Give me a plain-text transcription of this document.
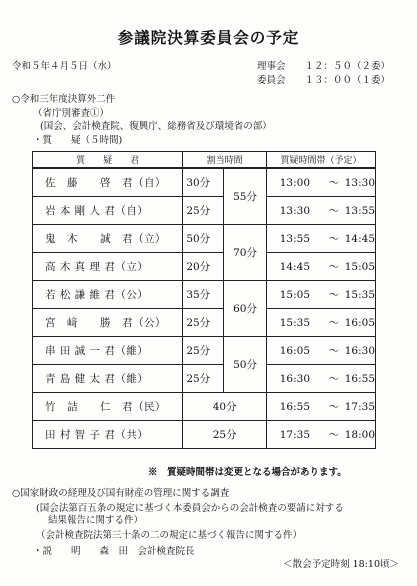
参議院決算委員会の予定
令和５年４月５日（水）	理事会　　１２：５０（２委）
委員会　　１３：００（１委）
○令和三年度決算外二件
（省庁別審査①）
(国会、会計検査院、復興庁、総務省及び環境省の部）
・質　　疑（５時間)
質　　疑　　君	割当時間		質疑時間帯（予定）		
佐　藤　　啓　君（自）	30分	55分	13:00	〜	13:30
岩 本 剛 人 君（自）	25分		13:30	〜	13:55
鬼　木　　誠　君（立）	50分	70分	13:55	〜	14:45
高 木 真 理 君（立）	20分		14:45	〜	15:05
若 松 謙 維 君（公）	35分	60分	15:05	〜	15:35
宮　﨑　　勝　君（公）	25分		15:35	〜	16:05
串 田 誠 一 君（維）	25分	50分	16:05	〜	16:30
青 島 健 太 君（維）	25分		16:30	〜	16:55
竹　詰　　仁　君（民）	40分		16:55	〜	17:35
田 村 智 子 君（共）	25分		17:35	〜	18:00
※　質疑時間帯は変更となる場合があります。
○国家財政の経理及び国有財産の管理に関する調査
(国会法第百五条の規定に基づく本委員会からの会計検査の要請に対する
結果報告に関する件）
（会計検査院法第三十条の二の規定に基づく報告に関する件）
・説　　明　　森　田　会計検査院長
＜散会予定時刻 18:10頃＞
